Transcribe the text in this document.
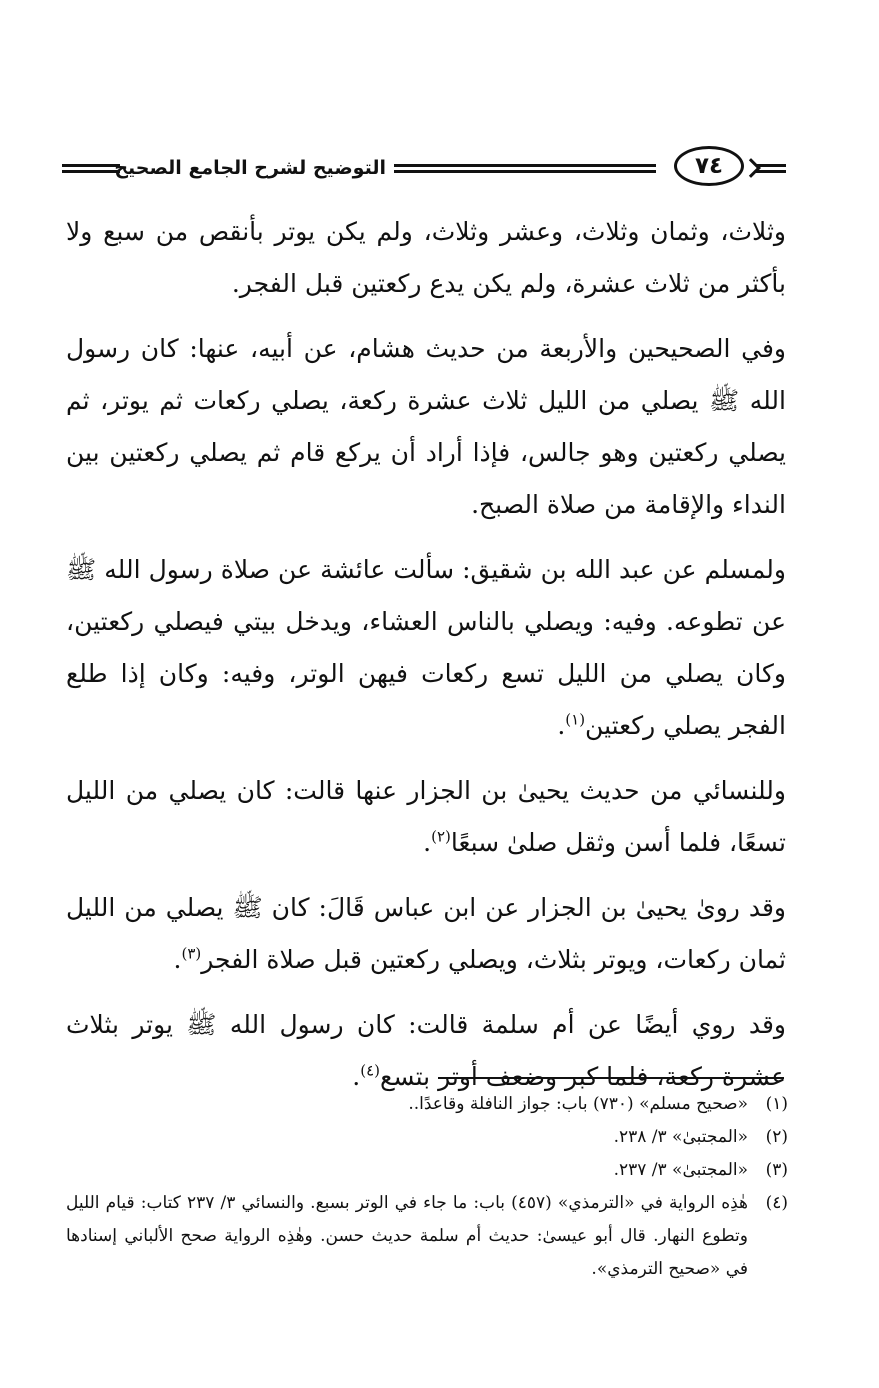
التوضيح لشرح الجامع الصحيح	٧٤

وثلاث، وثمان وثلاث، وعشر وثلاث، ولم يكن يوتر بأنقص من سبع ولا بأكثر من ثلاث عشرة، ولم يكن يدع ركعتين قبل الفجر.

وفي الصحيحين والأربعة من حديث هشام، عن أبيه، عنها: كان رسول الله ﷺ يصلي من الليل ثلاث عشرة ركعة، يصلي ركعات ثم يوتر، ثم يصلي ركعتين وهو جالس، فإذا أراد أن يركع قام ثم يصلي ركعتين بين النداء والإقامة من صلاة الصبح.

ولمسلم عن عبد الله بن شقيق: سألت عائشة عن صلاة رسول الله ﷺ عن تطوعه. وفيه: ويصلي بالناس العشاء، ويدخل بيتي فيصلي ركعتين، وكان يصلي من الليل تسع ركعات فيهن الوتر، وفيه: وكان إذا طلع الفجر يصلي ركعتين$^{(١)}$.

وللنسائي من حديث يحيىٰ بن الجزار عنها قالت: كان يصلي من الليل تسعًا، فلما أسن وثقل صلىٰ سبعًا$^{(٢)}$.

وقد روىٰ يحيىٰ بن الجزار عن ابن عباس قَالَ: كان ﷺ يصلي من الليل ثمان ركعات، ويوتر بثلاث، ويصلي ركعتين قبل صلاة الفجر$^{(٣)}$.

وقد روي أيضًا عن أم سلمة قالت: كان رسول الله ﷺ يوتر بثلاث عشرة ركعة، فلما كبر وضعف أوتر بتسع$^{(٤)}$.

(١)
«صحيح مسلم» (٧٣٠) باب: جواز النافلة وقاعدًا..
(٢)
«المجتبىٰ» ٣/ ٢٣٨.
(٣)
«المجتبىٰ» ٣/ ٢٣٧.
(٤)
هٰذِه الرواية في «الترمذي» (٤٥٧) باب: ما جاء في الوتر بسبع. والنسائي ٣/ ٢٣٧ كتاب: قيام الليل وتطوع النهار. قال أبو عيسىٰ: حديث أم سلمة حديث حسن. وهٰذِه الرواية صحح الألباني إسنادها في «صحيح الترمذي».
